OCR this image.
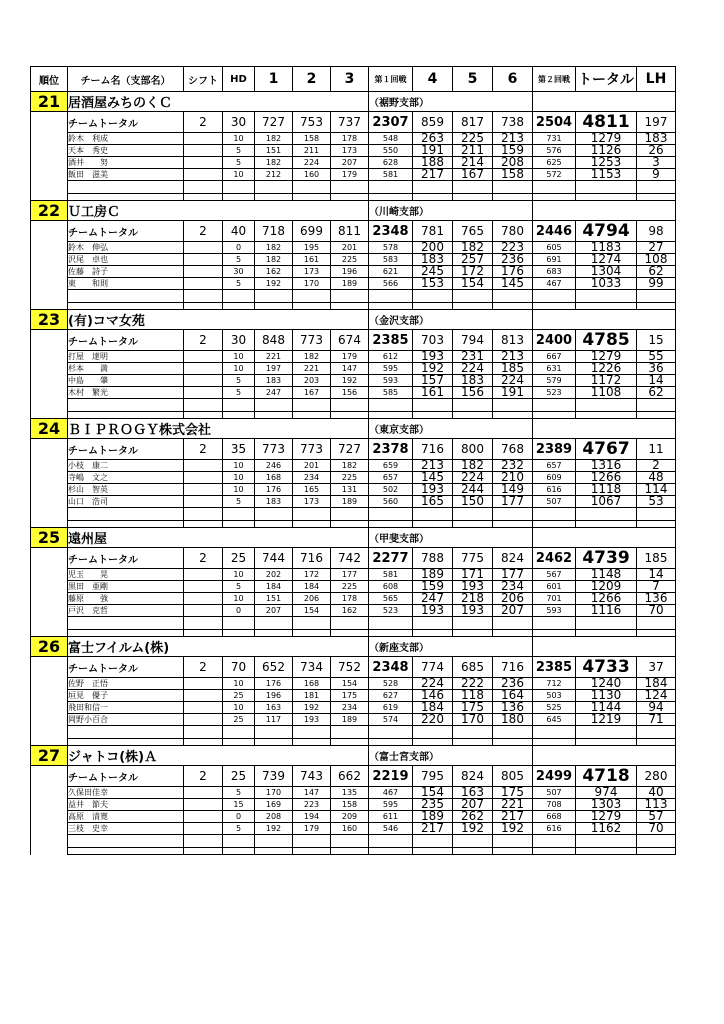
順位	チーム名（支部名）	シフト	HD	1	2	3	第１回戦	4	5	6	第２回戦	トータル	LH
21	居酒屋みちのくＣ						（裾野支部）						
	チームトータル	2	30	727	753	737	2307	859	817	738	2504	4811	197
	鈴木　利成		10	182	158	178	548	263	225	213	731	1279	183
	天本　秀史		5	151	211	173	550	191	211	159	576	1126	26
	酒井　　努		5	182	224	207	628	188	214	208	625	1253	3
	飯田　滋美		10	212	160	179	581	217	167	158	572	1153	9

22	Ｕ工房Ｃ						（川崎支部）						
	チームトータル	2	40	718	699	811	2348	781	765	780	2446	4794	98
	鈴木　伸弘		0	182	195	201	578	200	182	223	605	1183	27
	沢尾　卓也		5	182	161	225	583	183	257	236	691	1274	108
	佐藤　詩子		30	162	173	196	621	245	172	176	683	1304	62
	東　　和則		5	192	170	189	566	153	154	145	467	1033	99

23	(有)コマ女苑						（金沢支部）						
	チームトータル	2	30	848	773	674	2385	703	794	813	2400	4785	15
	打屋　達明		10	221	182	179	612	193	231	213	667	1279	55
	杉本　　満		10	197	221	147	595	192	224	185	631	1226	36
	中島　　肇		5	183	203	192	593	157	183	224	579	1172	14
	木村　繁光		5	247	167	156	585	161	156	191	523	1108	62

24	ＢＩＰＲＯＧＹ株式会社						（東京支部）						
	チームトータル	2	35	773	773	727	2378	716	800	768	2389	4767	11
	小枝　康二		10	246	201	182	659	213	182	232	657	1316	2
	寺嶋　文之		10	168	234	225	657	145	224	210	609	1266	48
	杉山　智英		10	176	165	131	502	193	244	149	616	1118	114
	山口　浩司		5	183	173	189	560	165	150	177	507	1067	53

25	遠州屋						（甲斐支部）						
	チームトータル	2	25	744	716	742	2277	788	775	824	2462	4739	185
	児玉　　晃		10	202	172	177	581	189	171	177	567	1148	14
	黒田　亜剛		5	184	184	225	608	159	193	234	601	1209	7
	藤原　　強		10	151	206	178	565	247	218	206	701	1266	136
	戸沢　克哲		0	207	154	162	523	193	193	207	593	1116	70

26	富士フイルム(株)						（新座支部）						
	チームトータル	2	70	652	734	752	2348	774	685	716	2385	4733	37
	佐野　正悟		10	176	168	154	528	224	222	236	712	1240	184
	垣見　優子		25	196	181	175	627	146	118	164	503	1130	124
	飛田和信一		10	163	192	234	619	184	175	136	525	1144	94
	岡野小百合		25	117	193	189	574	220	170	180	645	1219	71

27	ジャトコ(株)Ａ						（富士宮支部）						
	チームトータル	2	25	739	743	662	2219	795	824	805	2499	4718	280
	久保田佳幸		5	170	147	135	467	154	163	175	507	974	40
	益井　節夫		15	169	223	158	595	235	207	221	708	1303	113
	高原　清寛		0	208	194	209	611	189	262	217	668	1279	57
	三枝　史幸		5	192	179	160	546	217	192	192	616	1162	70
